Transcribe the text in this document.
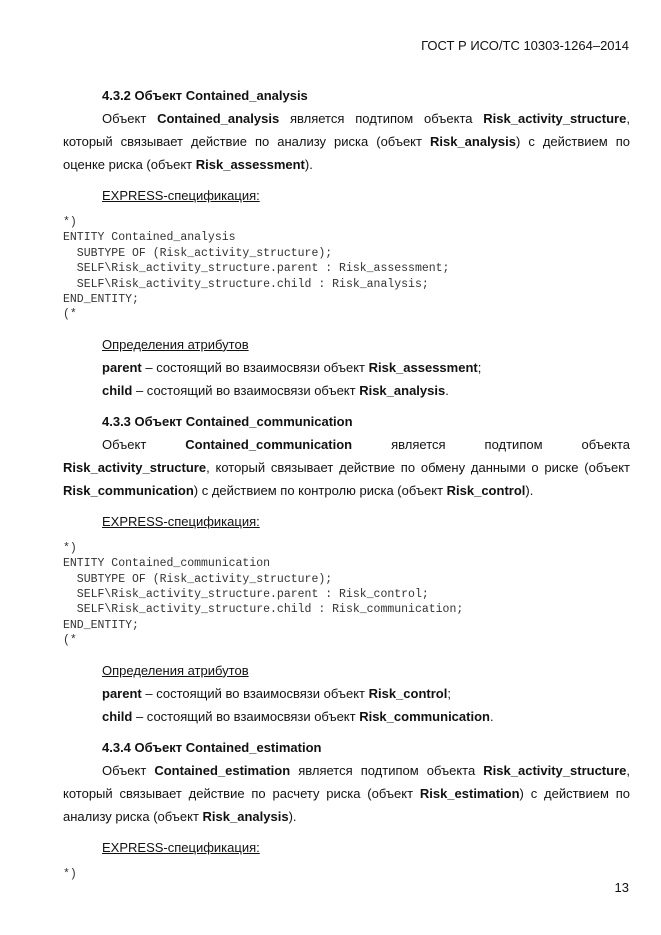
ГОСТ Р ИСО/ТС 10303-1264–2014

4.3.2 Объект Contained_analysis

Объект Contained_analysis является подтипом объекта Risk_activity_structure, который связывает действие по анализу риска (объект Risk_analysis) с действием по оценке риска (объект Risk_assessment).

EXPRESS-спецификация:

*)
ENTITY Contained_analysis
SUBTYPE OF (Risk_activity_structure);
SELF\Risk_activity_structure.parent : Risk_assessment;
SELF\Risk_activity_structure.child : Risk_analysis;
END_ENTITY;
(*

Определения атрибутов

parent – состоящий во взаимосвязи объект Risk_assessment;

child – состоящий во взаимосвязи объект Risk_analysis.

4.3.3 Объект Contained_communication

Объект Contained_communication является подтипом объекта Risk_activity_structure, который связывает действие по обмену данными о риске (объект Risk_communication) с действием по контролю риска (объект Risk_control).

EXPRESS-спецификация:

*)
ENTITY Contained_communication
SUBTYPE OF (Risk_activity_structure);
SELF\Risk_activity_structure.parent : Risk_control;
SELF\Risk_activity_structure.child : Risk_communication;
END_ENTITY;
(*

Определения атрибутов

parent – состоящий во взаимосвязи объект Risk_control;

child – состоящий во взаимосвязи объект Risk_communication.

4.3.4 Объект Contained_estimation

Объект Contained_estimation является подтипом объекта Risk_activity_structure, который связывает действие по расчету риска (объект Risk_estimation) с действием по анализу риска (объект Risk_analysis).

EXPRESS-спецификация:

*)
13
